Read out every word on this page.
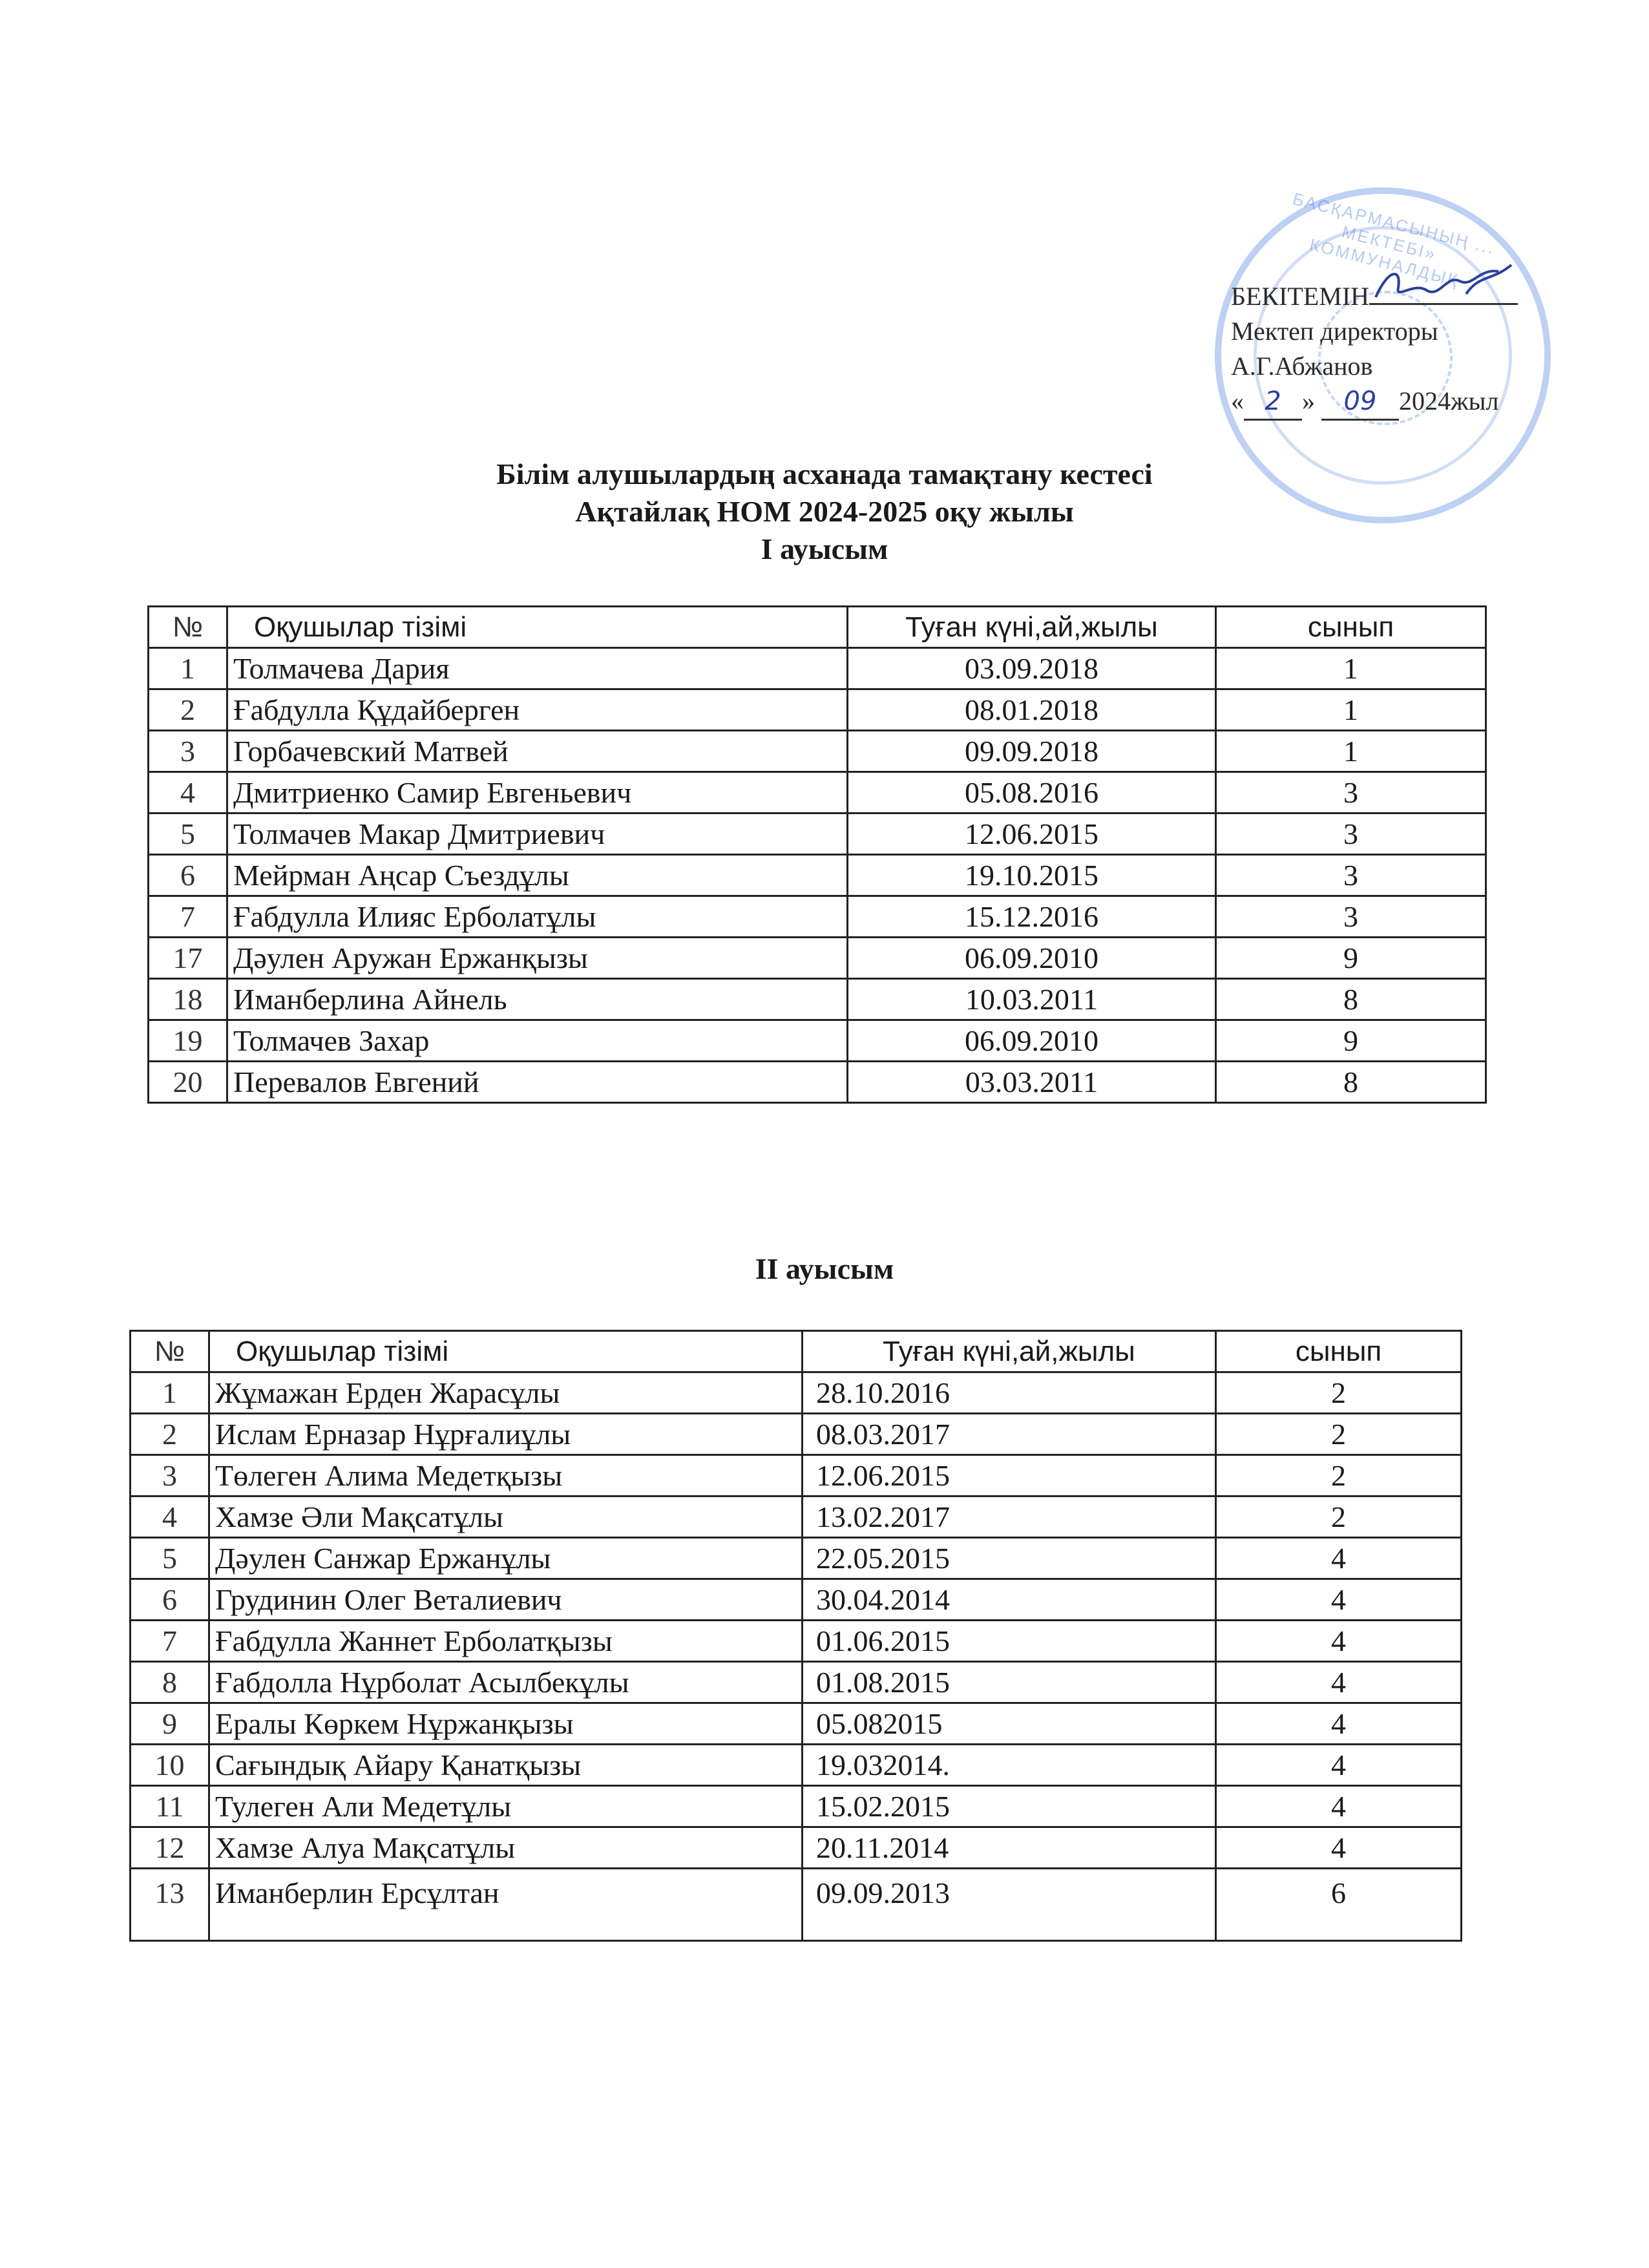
БАСҚАРМАСЫНЫҢ ... МЕКТЕБІ» КОММУНАЛДЫҚ
БЕКІТЕМІН
Мектеп директоры
А.Г.Абжанов
« 2 » 09 2024жыл
Білім алушылардың асханада тамақтану кестесі
Ақтайлақ НОМ 2024-2025 оқу жылы
І ауысым
№	Оқушылар тізімі	Туған күні,ай,жылы	сынып
1	Толмачева Дария	03.09.2018	1
2	Ғабдулла Құдайберген	08.01.2018	1
3	Горбачевский Матвей	09.09.2018	1
4	Дмитриенко Самир Евгеньевич	05.08.2016	3
5	Толмачев Макар Дмитриевич	12.06.2015	3
6	Мейрман Аңсар Съездұлы	19.10.2015	3
7	Ғабдулла Илияс Ерболатұлы	15.12.2016	3
17	Дәулен Аружан Ержанқызы	06.09.2010	9
18	Иманберлина Айнель	10.03.2011	8
19	Толмачев Захар	06.09.2010	9
20	Перевалов Евгений	03.03.2011	8
ІІ ауысым
№	Оқушылар тізімі	Туған күні,ай,жылы	сынып
1	Жұмажан Ерден Жарасұлы	28.10.2016	2
2	Ислам Ерназар Нұрғалиұлы	08.03.2017	2
3	Төлеген Алима Медетқызы	12.06.2015	2
4	Хамзе Әли Мақсатұлы	13.02.2017	2
5	Дәулен Санжар Ержанұлы	22.05.2015	4
6	Грудинин Олег Веталиевич	30.04.2014	4
7	Ғабдулла Жаннет Ерболатқызы	01.06.2015	4
8	Ғабдолла Нұрболат Асылбекұлы	01.08.2015	4
9	Ералы Көркем Нұржанқызы	05.082015	4
10	Сағындық Айару Қанатқызы	19.032014.	4
11	Тулеген Али Медетұлы	15.02.2015	4
12	Хамзе Алуа Мақсатұлы	20.11.2014	4
13	Иманберлин Ерсұлтан	09.09.2013	6
